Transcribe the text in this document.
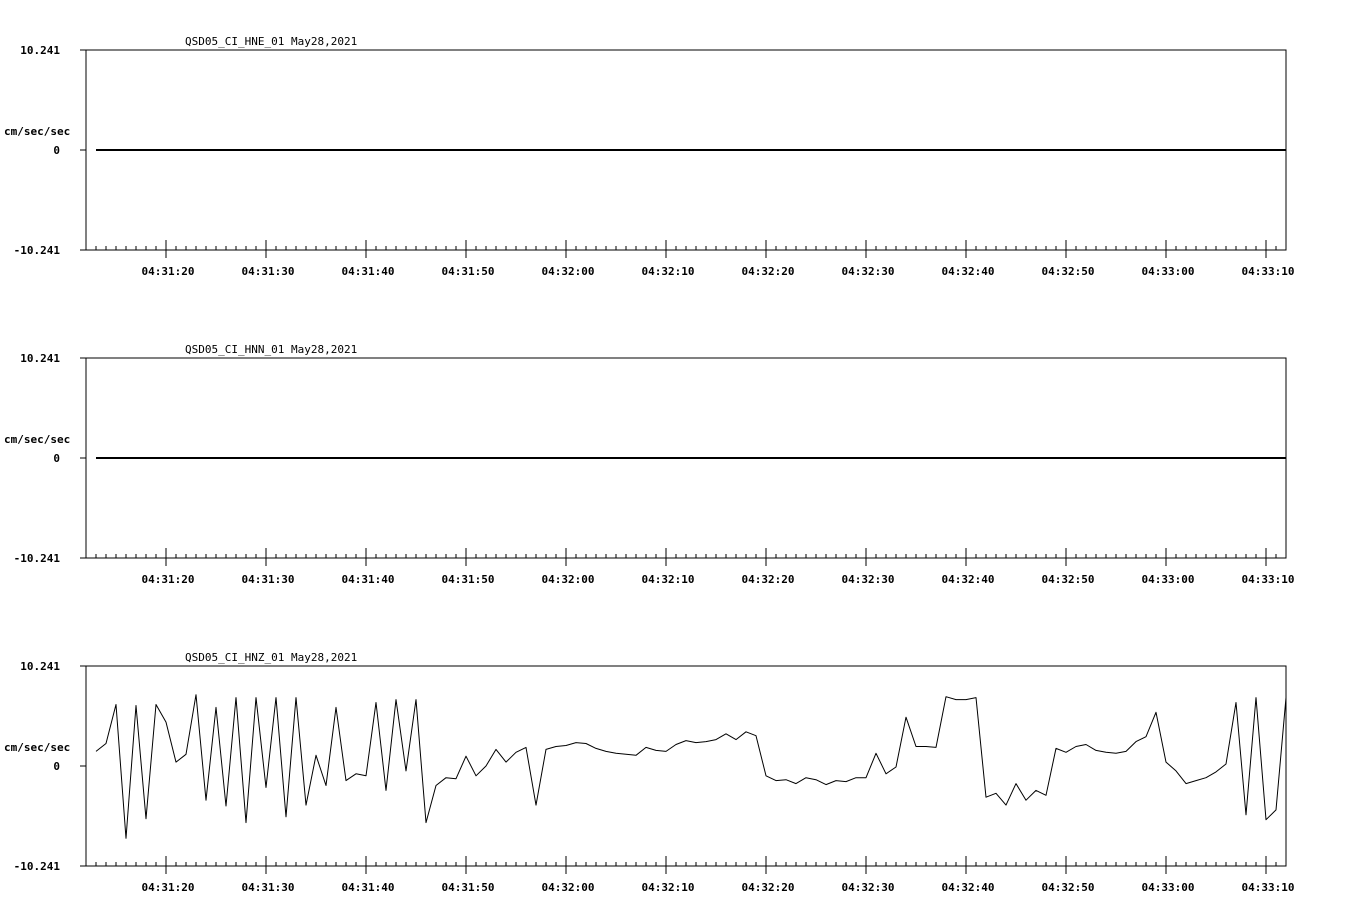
10.241
0
-10.241
cm/sec/sec
QSD05_CI_HNE_01 May28,2021
04:31:20	04:31:30	04:31:40	04:31:50	04:32:00	04:32:10	04:32:20	04:32:30	04:32:40	04:32:50	04:33:00	04:33:10
10.241
0
-10.241
cm/sec/sec
QSD05_CI_HNN_01 May28,2021
04:31:20	04:31:30	04:31:40	04:31:50	04:32:00	04:32:10	04:32:20	04:32:30	04:32:40	04:32:50	04:33:00	04:33:10
10.241
0
-10.241
cm/sec/sec
QSD05_CI_HNZ_01 May28,2021
04:31:20	04:31:30	04:31:40	04:31:50	04:32:00	04:32:10	04:32:20	04:32:30	04:32:40	04:32:50	04:33:00	04:33:10
